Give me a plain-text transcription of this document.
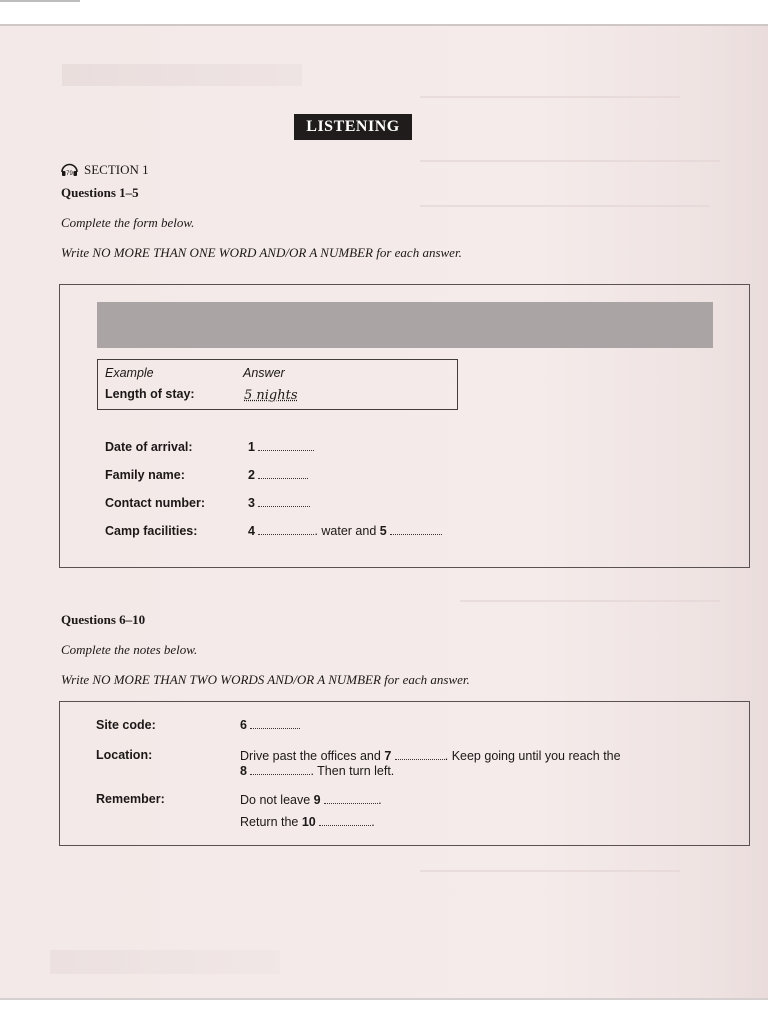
LISTENING
79 SECTION 1
Questions 1–5
Complete the form below.
Write NO MORE THAN ONE WORD AND/OR A NUMBER for each answer.
Example	Answer
Length of stay:	5 nights
Date of arrival:	1
Family name:	2
Contact number:	3
Camp facilities:	4	. water and 5
Questions 6–10
Complete the notes below.
Write NO MORE THAN TWO WORDS AND/OR A NUMBER for each answer.
Site code:	6
Location:	Drive past the offices and 7	. Keep going until you reach the
8	. Then turn left.
Remember:	Do not leave 9	.
Return the 10	.
